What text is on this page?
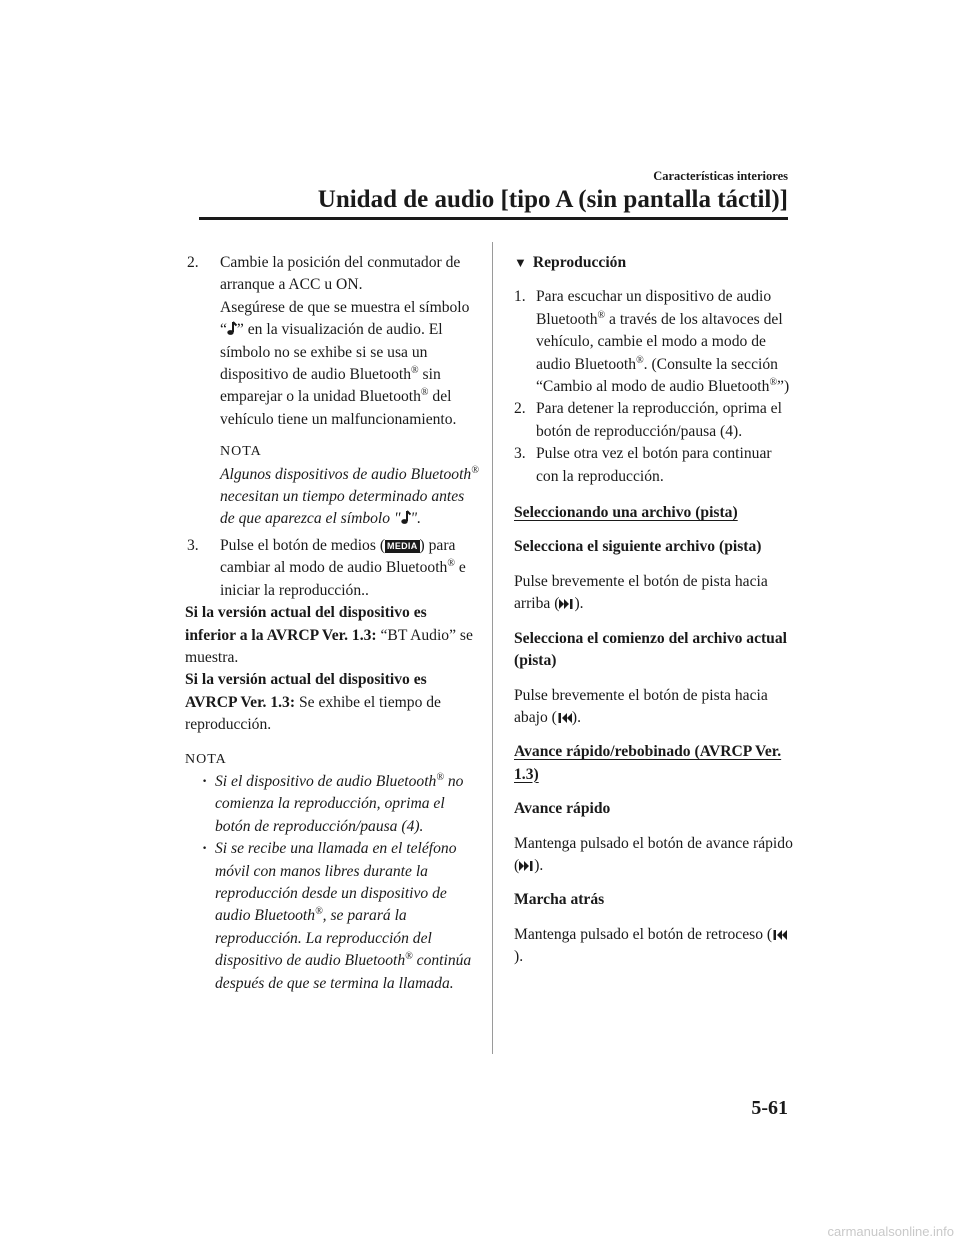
Características interiores
Unidad de audio [tipo A (sin pantalla táctil)]
2. Cambie la posición del conmutador de arranque a ACC u ON.
Asegúrese de que se muestra el símbolo “ ” en la visualización de audio. El símbolo no se exhibe si se usa un dispositivo de audio Bluetooth® sin emparejar o la unidad Bluetooth® del vehículo tiene un malfuncionamiento.
NOTA
Algunos dispositivos de audio Bluetooth® necesitan un tiempo determinado antes de que aparezca el símbolo " ".
3. Pulse el botón de medios ( MEDIA ) para cambiar al modo de audio Bluetooth® e iniciar la reproducción..

Si la versión actual del dispositivo es inferior a la AVRCP Ver. 1.3: “BT Audio” se muestra.

Si la versión actual del dispositivo es AVRCP Ver. 1.3: Se exhibe el tiempo de reproducción.

NOTA
· Si el dispositivo de audio Bluetooth® no comienza la reproducción, oprima el botón de reproducción/pausa (4).
· Si se recibe una llamada en el teléfono móvil con manos libres durante la reproducción desde un dispositivo de audio Bluetooth®, se parará la reproducción. La reproducción del dispositivo de audio Bluetooth® continúa después de que se termina la llamada.
▼ Reproducción
1. Para escuchar un dispositivo de audio Bluetooth® a través de los altavoces del vehículo, cambie el modo a modo de audio Bluetooth®. (Consulte la sección “Cambio al modo de audio Bluetooth®”)
2. Para detener la reproducción, oprima el botón de reproducción/pausa (4).
3. Pulse otra vez el botón para continuar con la reproducción.
Seleccionando una archivo (pista)
Selecciona el siguiente archivo (pista)

Pulse brevemente el botón de pista hacia arriba ( ).

Selecciona el comienzo del archivo actual (pista)

Pulse brevemente el botón de pista hacia abajo ( ).

Avance rápido/rebobinado (AVRCP Ver. 1.3)
Avance rápido

Mantenga pulsado el botón de avance rápido ( ).

Marcha atrás

Mantenga pulsado el botón de retroceso ().

5-61
carmanualsonline.info
